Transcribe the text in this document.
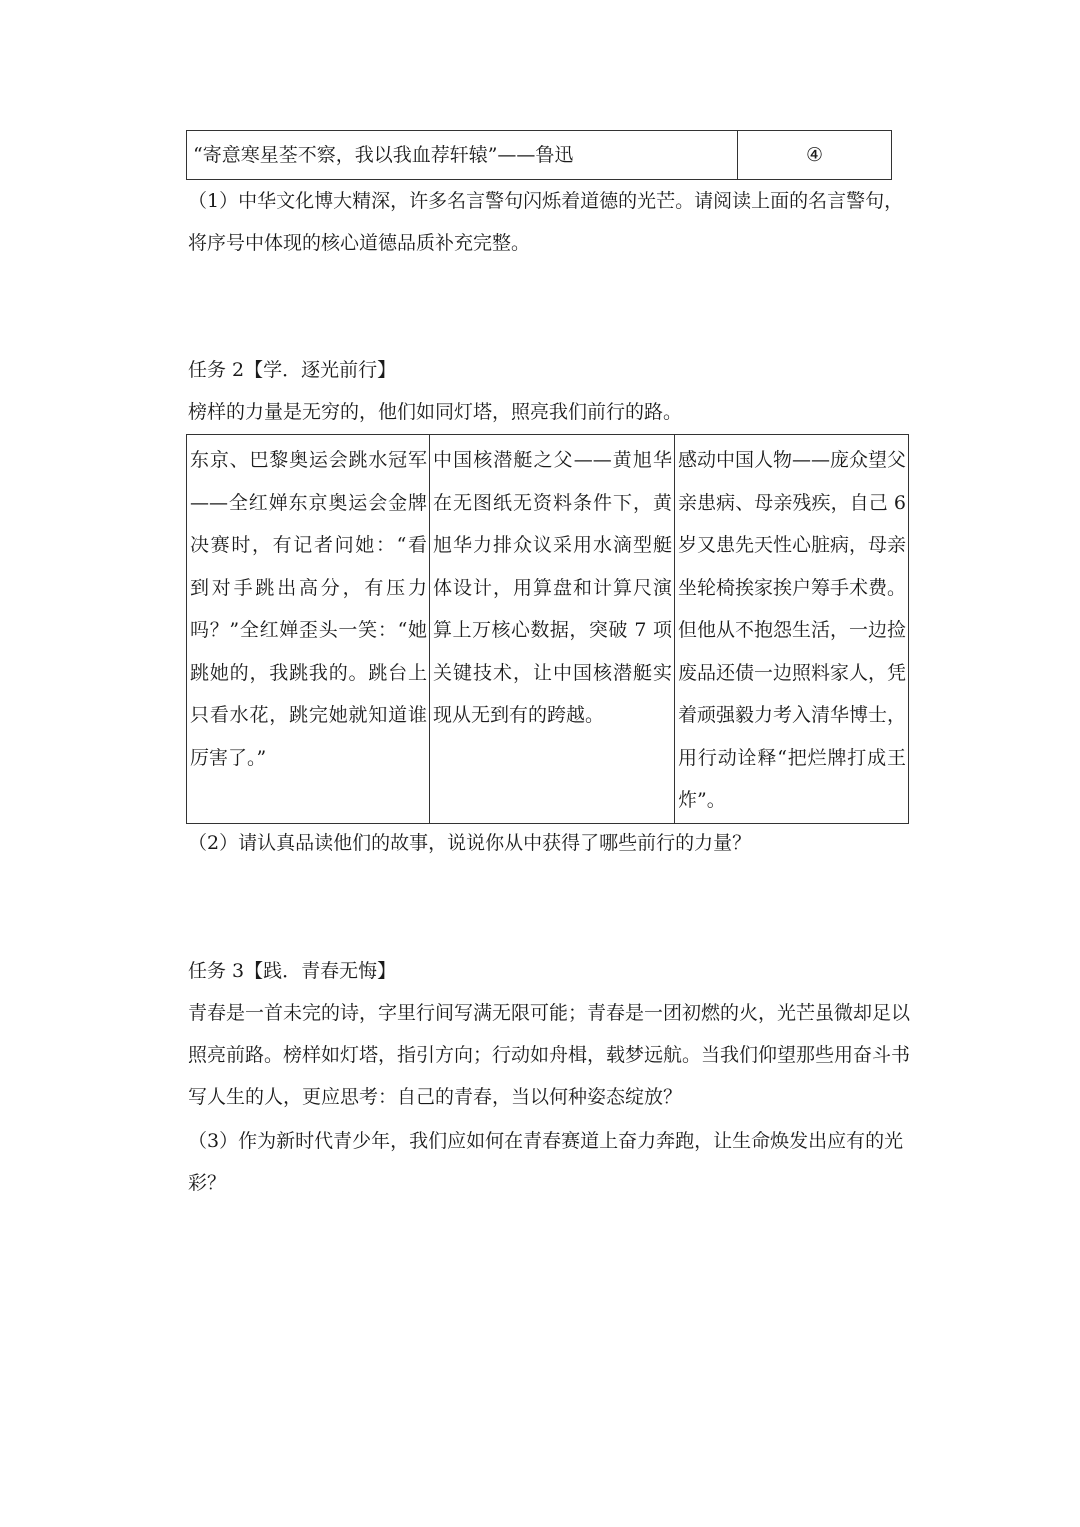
“寄意寒星荃不察，我以我血荐轩辕”——鲁迅	④
（1）中华文化博大精深，许多名言警句闪烁着道德的光芒。请阅读上面的名言警句，将序号中体现的核心道德品质补充完整。
任务 2【学．逐光前行】
榜样的力量是无穷的，他们如同灯塔，照亮我们前行的路。
东京、巴黎奥运会跳水冠军——全红婵东京奥运会金牌决赛时，有记者问她：“看到对手跳出高分，有压力吗？”全红婵歪头一笑：“她跳她的，我跳我的。跳台上只看水花，跳完她就知道谁厉害了。”	中国核潜艇之父——黄旭华在无图纸无资料条件下，黄旭华力排众议采用水滴型艇体设计，用算盘和计算尺演算上万核心数据，突破 7 项关键技术，让中国核潜艇实现从无到有的跨越。	感动中国人物——庞众望父亲患病、母亲残疾，自己 6 岁又患先天性心脏病，母亲坐轮椅挨家挨户筹手术费。但他从不抱怨生活，一边捡废品还债一边照料家人，凭着顽强毅力考入清华博士，用行动诠释“把烂牌打成王炸”。
（2）请认真品读他们的故事，说说你从中获得了哪些前行的力量？
任务 3【践．青春无悔】
青春是一首未完的诗，字里行间写满无限可能；青春是一团初燃的火，光芒虽微却足以照亮前路。榜样如灯塔，指引方向；行动如舟楫，载梦远航。当我们仰望那些用奋斗书写人生的人，更应思考：自己的青春，当以何种姿态绽放？
（3）作为新时代青少年，我们应如何在青春赛道上奋力奔跑，让生命焕发出应有的光彩？
